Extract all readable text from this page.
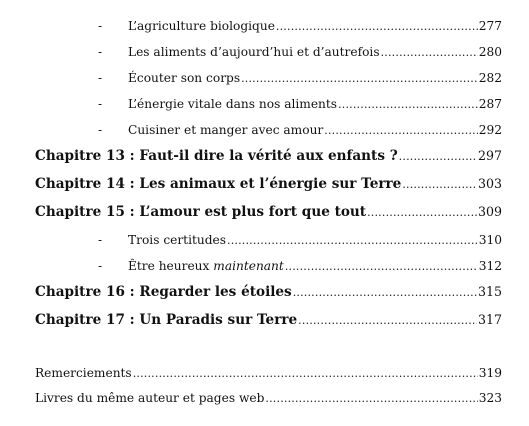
-	L’agriculture biologique .....	277
-	Les aliments d’aujourd’hui et d’autrefois .....	280
-	Écouter son corps .....	282
-	L’énergie vitale dans nos aliments .....	287
-	Cuisiner et manger avec amour .....	292
Chapitre 13 : Faut-il dire la vérité aux enfants ? .....	297
Chapitre 14 : Les animaux et l’énergie sur Terre .....	303
Chapitre 15 : L’amour est plus fort que tout .....	309
-	Trois certitudes .....	310
-	Être heureux maintenant .....	312
Chapitre 16 : Regarder les étoiles .....	315
Chapitre 17 : Un Paradis sur Terre .....	317
Remerciements .....	319
Livres du même auteur et pages web .....	323
